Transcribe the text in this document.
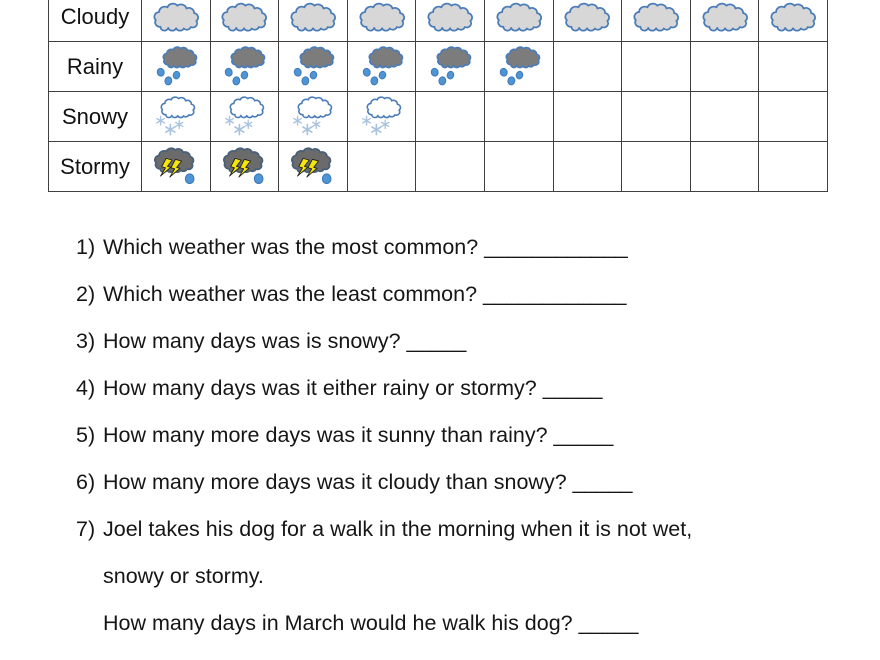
Cloudy
Rainy
Snowy
Stormy
1) Which weather was the most common? ____________
2) Which weather was the least common? ____________
3) How many days was is snowy? _____
4) How many days was it either rainy or stormy? _____
5) How many more days was it sunny than rainy? _____
6) How many more days was it cloudy than snowy? _____
7) Joel takes his dog for a walk in the morning when it is not wet,
snowy or stormy.
How many days in March would he walk his dog? _____
